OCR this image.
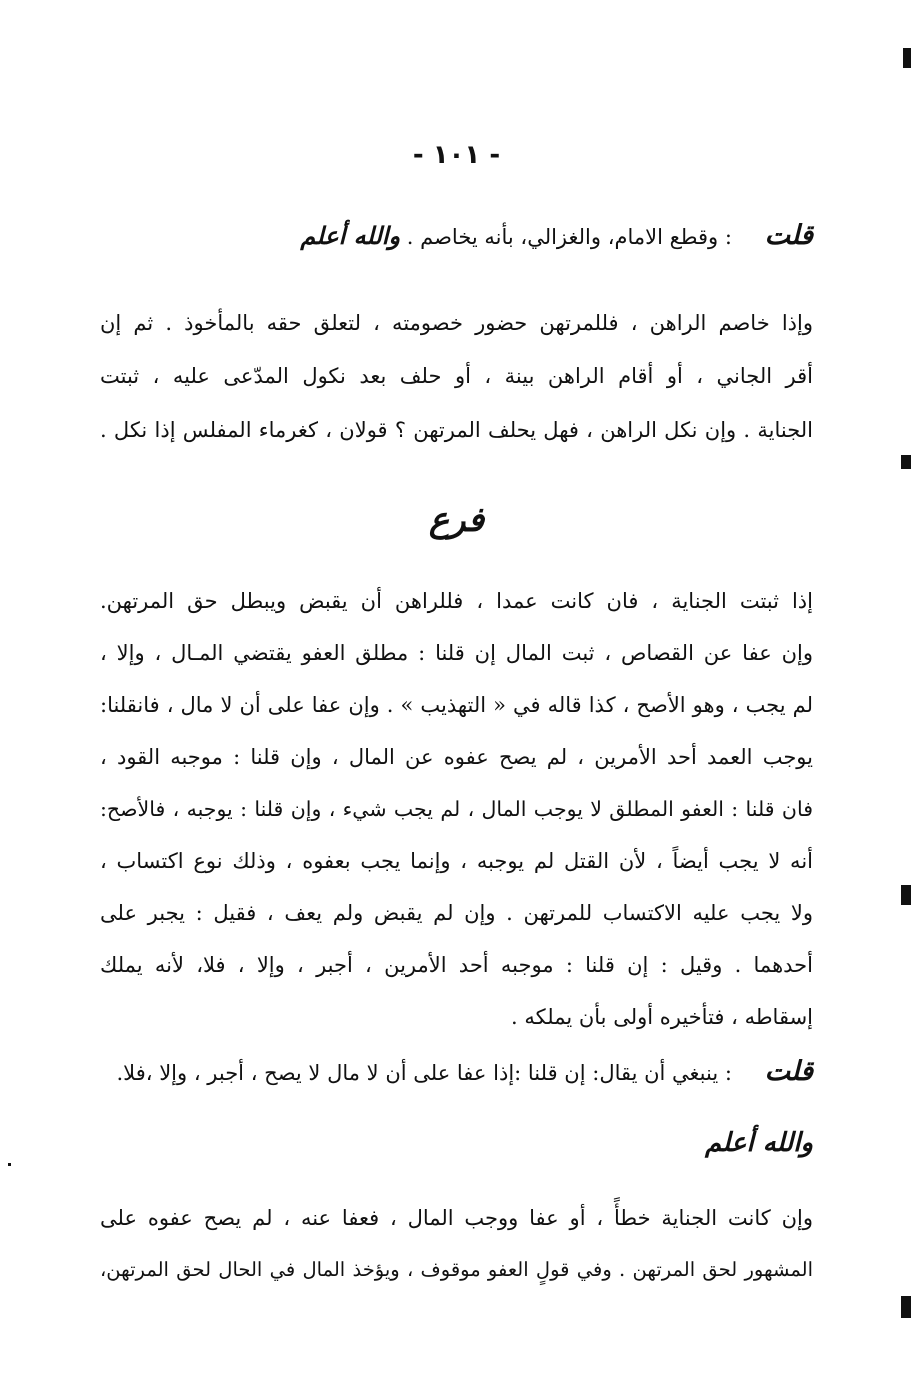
- ١٠١ -
قلت : وقطع الامام، والغزالي، بأنه يخاصم . والله أعلم
وإذا خاصم الراهن ، فللمرتهن حضور خصومته ، لتعلق حقه بالمأخوذ . ثم إن
أقر الجاني ، أو أقام الراهن بينة ، أو حلف بعد نكول المدّعى عليه ، ثبتت
الجناية . وإن نكل الراهن ، فهل يحلف المرتهن ؟ قولان ، كغرماء المفلس إذا نكل .
فرع
إذا ثبتت الجناية ، فان كانت عمدا ، فللراهن أن يقبض ويبطل حق المرتهن.
وإن عفا عن القصاص ، ثبت المال إن قلنا : مطلق العفو يقتضي المـال ، وإلا ،
لم يجب ، وهو الأصح ، كذا قاله في « التهذيب » . وإن عفا على أن لا مال ، فانقلنا:
يوجب العمد أحد الأمرين ، لم يصح عفوه عن المال ، وإن قلنا : موجبه القود ،
فان قلنا : العفو المطلق لا يوجب المال ، لم يجب شيء ، وإن قلنا : يوجبه ، فالأصح:
أنه لا يجب أيضاً ، لأن القتل لم يوجبه ، وإنما يجب بعفوه ، وذلك نوع اكتساب ،
ولا يجب عليه الاكتساب للمرتهن . وإن لم يقبض ولم يعف ، فقيل : يجبر على
أحدهما . وقيل : إن قلنا : موجبه أحد الأمرين ، أجبر ، وإلا ، فلا، لأنه يملك
إسقاطه ، فتأخيره أولى بأن يملكه .
قلت : ينبغي أن يقال: إن قلنا :إذا عفا على أن لا مال لا يصح ، أجبر ، وإلا ،فلا.
والله أعلم
وإن كانت الجناية خطأً ، أو عفا ووجب المال ، فعفا عنه ، لم يصح عفوه على
المشهور لحق المرتهن . وفي قولٍ العفو موقوف ، ويؤخذ المال في الحال لحق المرتهن،
